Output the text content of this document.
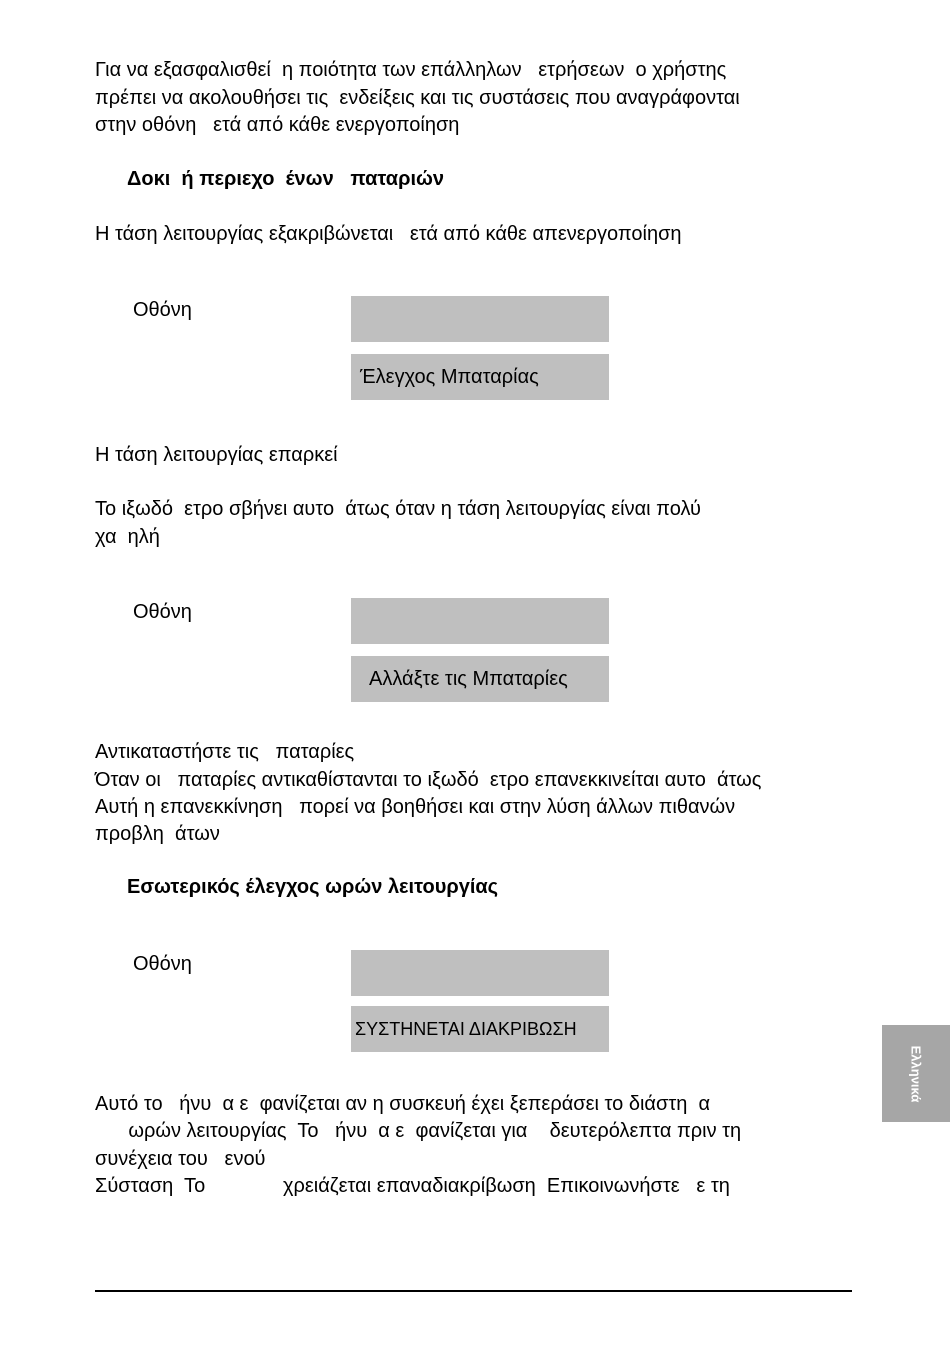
Για να εξασφαλισθεί  η ποιότητα των επάλληλων   ετρήσεων  ο χρήστης
πρέπει να ακολουθήσει τις  ενδείξεις και τις συστάσεις που αναγράφονται
στην οθόνη   ετά από κάθε ενεργοποίηση
Δοκι  ή περιεχο  ένων   παταριών
Η τάση λειτουργίας εξακριβώνεται   ετά από κάθε απενεργοποίηση
Οθόνη
Έλεγχος Μπαταρίας
Η τάση λειτουργίας επαρκεί
Το ιξωδό  ετρο σβήνει αυτο  άτως όταν η τάση λειτουργίας είναι πολύ
χα  ηλή
Οθόνη
Αλλάξτε τις Μπαταρίες
Αντικαταστήστε τις   παταρίες
Όταν οι   παταρίες αντικαθίστανται το ιξωδό  ετρο επανεκκινείται αυτο  άτως
Αυτή η επανεκκίνηση   πορεί να βοηθήσει και στην λύση άλλων πιθανών
προβλη  άτων
Εσωτερικός έλεγχος ωρών λειτουργίας
Οθόνη
ΣΥΣΤΗΝΕΤΑΙ ΔΙΑΚΡΙΒΩΣΗ
Αυτό το   ήνυ  α ε  φανίζεται αν η συσκευή έχει ξεπεράσει το διάστη  α
ωρών λειτουργίας  Το   ήνυ  α ε  φανίζεται για    δευτερόλεπτα πριν τη
συνέχεια του   ενού
Σύσταση  Το              χρειάζεται επαναδιακρίβωση  Επικοινωνήστε   ε τη
Ελληνικά
